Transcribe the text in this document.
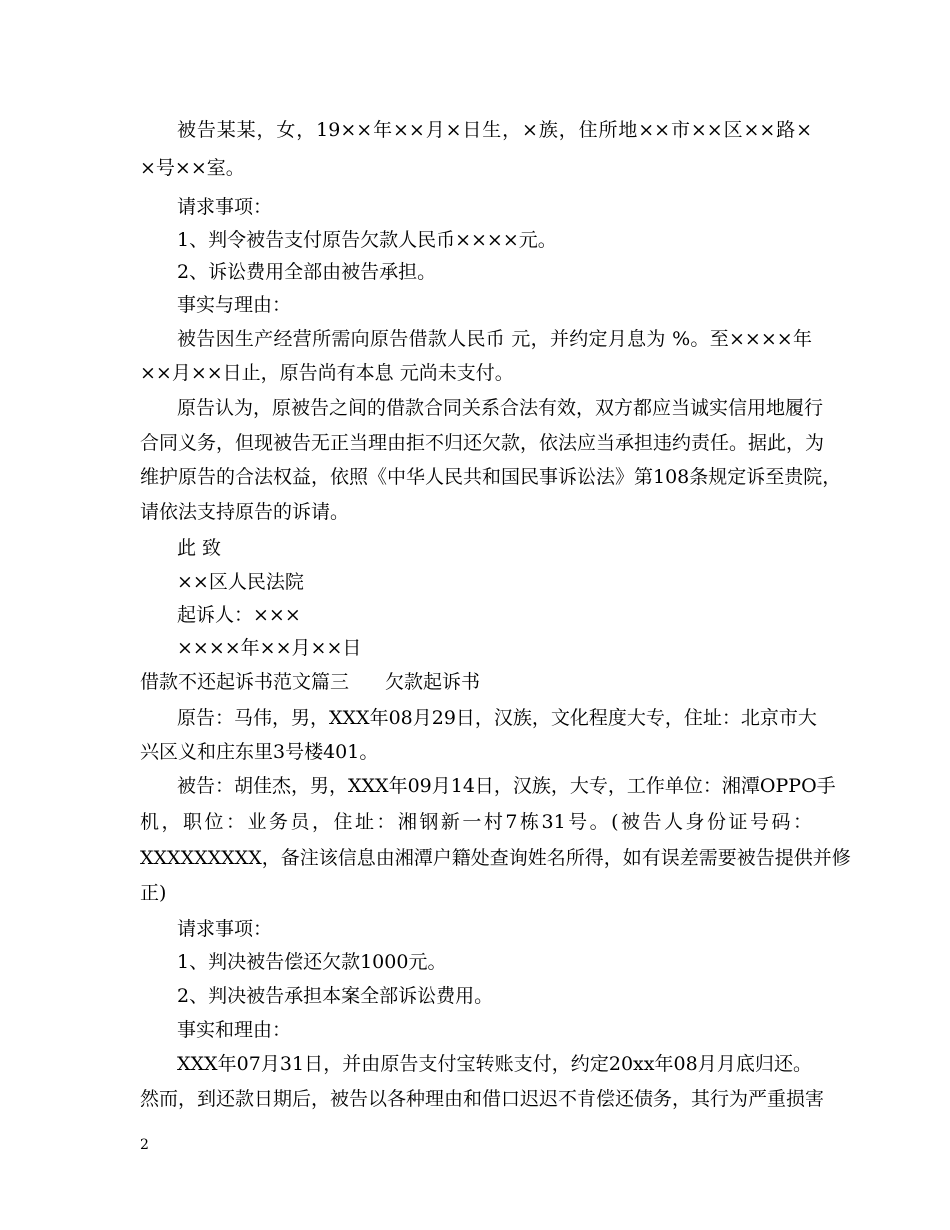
被告某某，女，19××年××月×日生，×族，住所地××市××区××路×
×号××室。
请求事项：
1、判令被告支付原告欠款人民币××××元。
2、诉讼费用全部由被告承担。
事实与理由：
被告因生产经营所需向原告借款人民币 元，并约定月息为 %。至××××年
××月××日止，原告尚有本息 元尚未支付。
原告认为，原被告之间的借款合同关系合法有效，双方都应当诚实信用地履行
合同义务，但现被告无正当理由拒不归还欠款，依法应当承担违约责任。据此，为
维护原告的合法权益，依照《中华人民共和国民事诉讼法》第108条规定诉至贵院，
请依法支持原告的诉请。
此 致
××区人民法院
起诉人：×××
××××年××月××日
借款不还起诉书范文篇三 欠款起诉书
原告：马伟，男，XXX年08月29日，汉族，文化程度大专，住址：北京市大
兴区义和庄东里3号楼401。
被告：胡佳杰，男，XXX年09月14日，汉族，大专，工作单位：湘潭OPPO手
机，职位：业务员，住址：湘钢新一村7栋31号。(被告人身份证号码：
XXXXXXXXX，备注该信息由湘潭户籍处查询姓名所得，如有误差需要被告提供并修
正)
请求事项：
1、判决被告偿还欠款1000元。
2、判决被告承担本案全部诉讼费用。
事实和理由：
XXX年07月31日，并由原告支付宝转账支付，约定20xx年08月月底归还。
然而，到还款日期后，被告以各种理由和借口迟迟不肯偿还债务，其行为严重损害
2
